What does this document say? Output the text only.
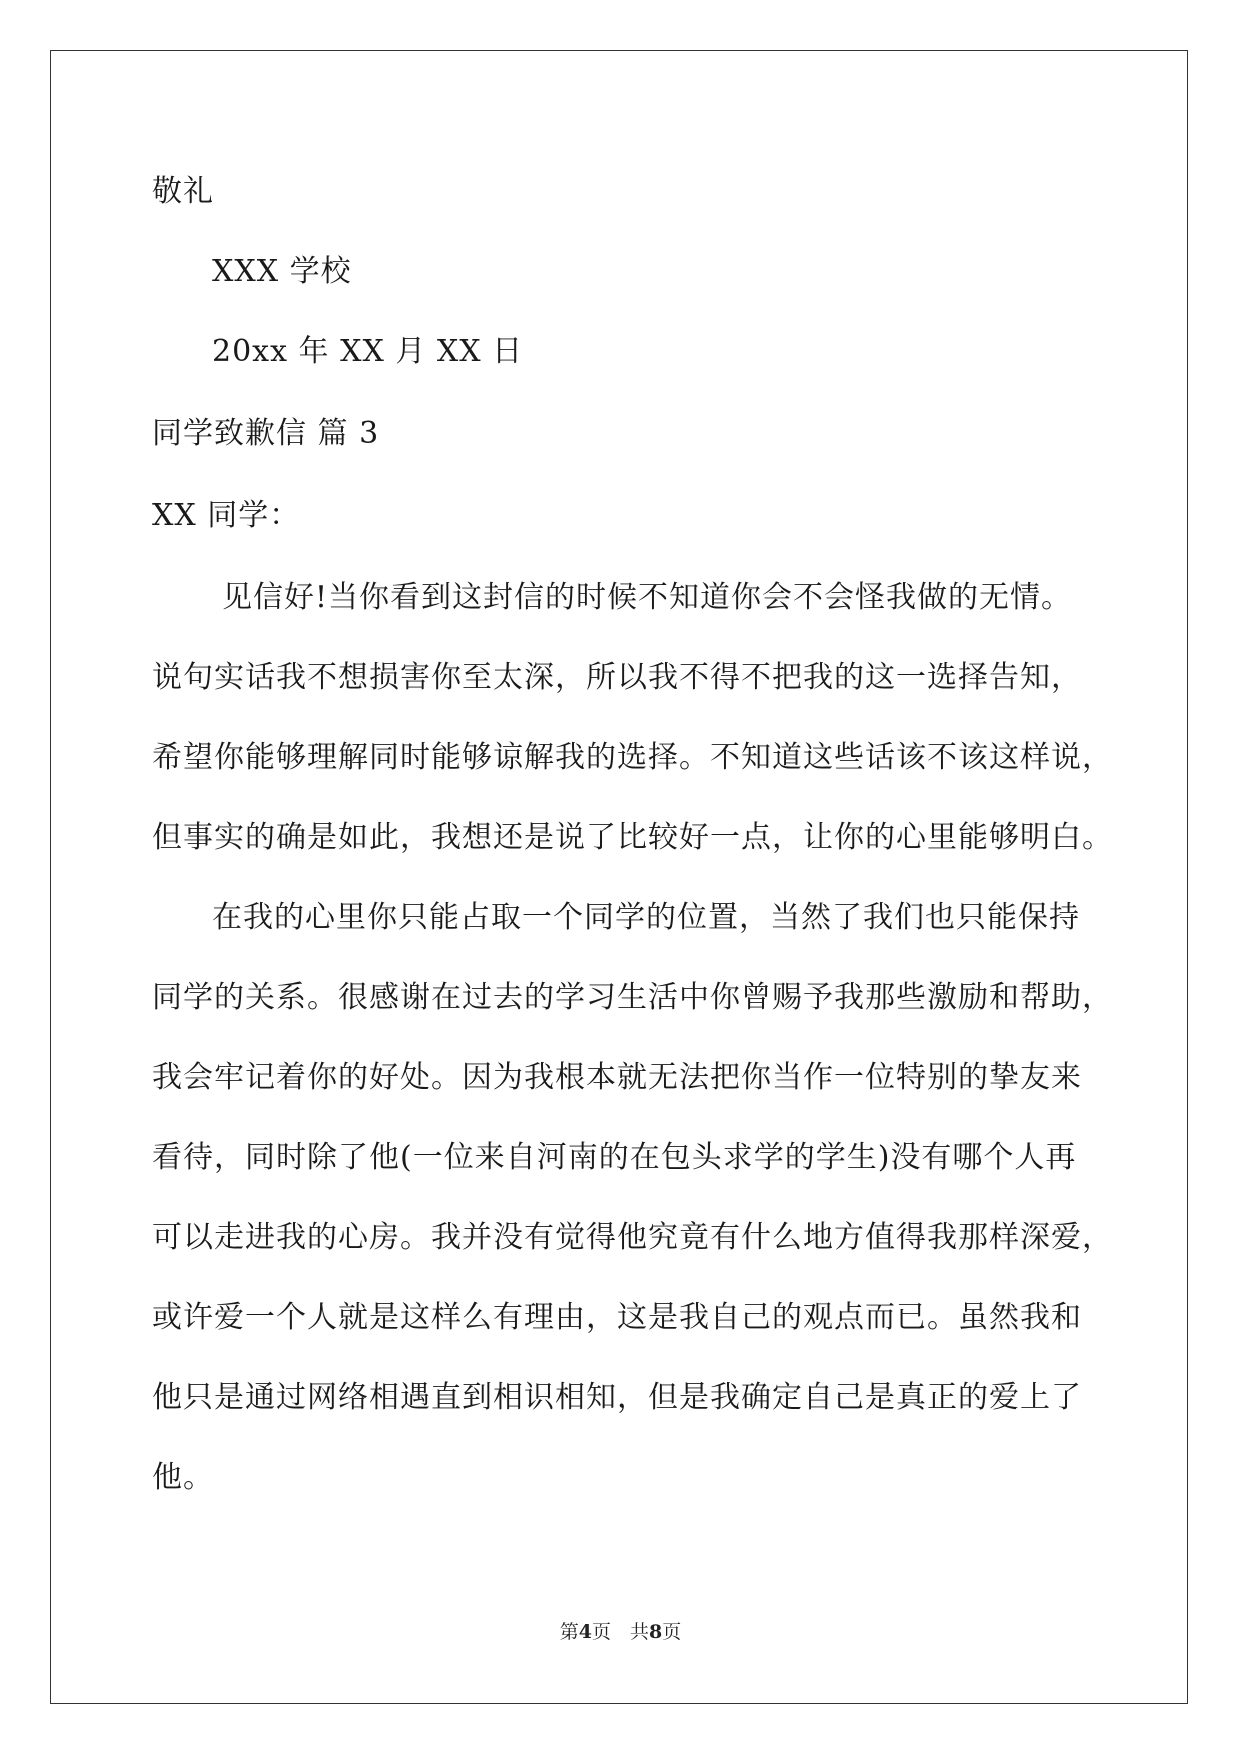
敬礼
XXX 学校
20xx 年 XX 月 XX 日
同学致歉信 篇 3
XX 同学：
见信好!当你看到这封信的时候不知道你会不会怪我做的无情。
说句实话我不想损害你至太深，所以我不得不把我的这一选择告知，
希望你能够理解同时能够谅解我的选择。不知道这些话该不该这样说，
但事实的确是如此，我想还是说了比较好一点，让你的心里能够明白。
在我的心里你只能占取一个同学的位置，当然了我们也只能保持
同学的关系。很感谢在过去的学习生活中你曾赐予我那些激励和帮助，
我会牢记着你的好处。因为我根本就无法把你当作一位特别的挚友来
看待，同时除了他(一位来自河南的在包头求学的学生)没有哪个人再
可以走进我的心房。我并没有觉得他究竟有什么地方值得我那样深爱，
或许爱一个人就是这样么有理由，这是我自己的观点而已。虽然我和
他只是通过网络相遇直到相识相知，但是我确定自己是真正的爱上了
他。
第4页　共8页
